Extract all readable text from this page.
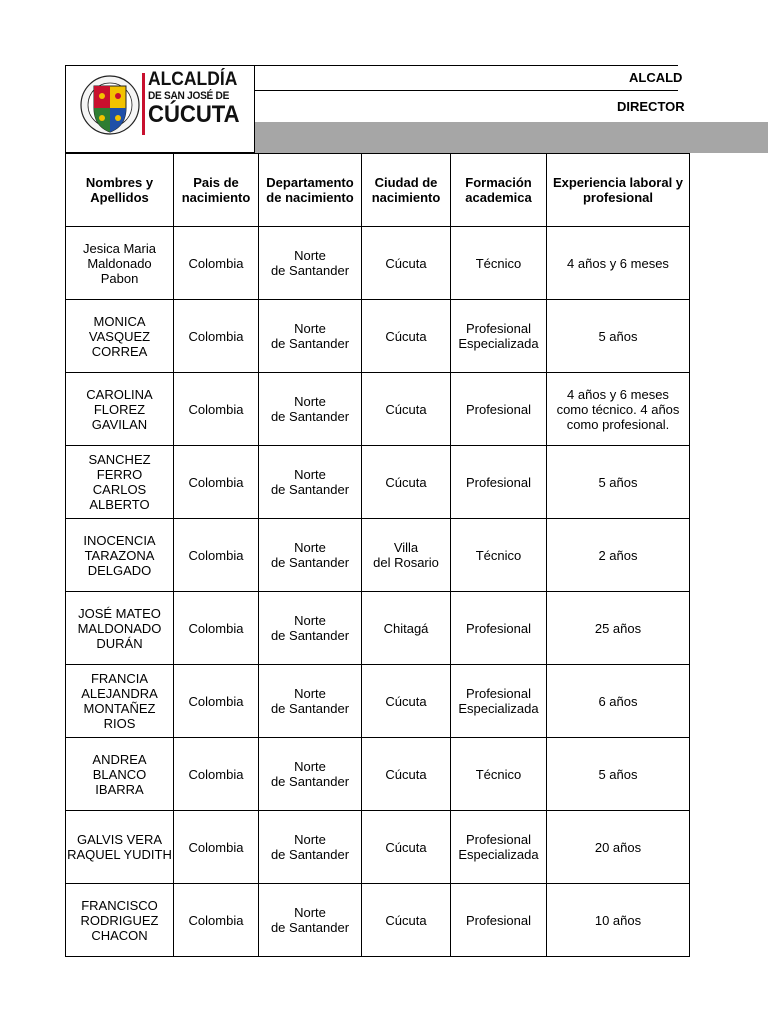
ALCALDÍA
DE SAN JOSÉ DE
CÚCUTA
ALCALD
DIRECTOR
Nombres y
Apellidos	Pais de
nacimiento	Departamento
de nacimiento	Ciudad de
nacimiento	Formación
academica	Experiencia laboral y
profesional
Jesica Maria
Maldonado
Pabon	Colombia	Norte
de Santander	Cúcuta	Técnico	4 años y 6 meses
MONICA
VASQUEZ
CORREA	Colombia	Norte
de Santander	Cúcuta	Profesional
Especializada	5 años
CAROLINA
FLOREZ
GAVILAN	Colombia	Norte
de Santander	Cúcuta	Profesional	4 años y 6 meses
como técnico. 4 años
como profesional.
SANCHEZ FERRO
CARLOS
ALBERTO	Colombia	Norte
de Santander	Cúcuta	Profesional	5 años
INOCENCIA
TARAZONA
DELGADO	Colombia	Norte
de Santander	Villa
del Rosario	Técnico	2 años
JOSÉ MATEO
MALDONADO
DURÁN	Colombia	Norte
de Santander	Chitagá	Profesional	25 años
FRANCIA
ALEJANDRA
MONTAÑEZ
RIOS	Colombia	Norte
de Santander	Cúcuta	Profesional
Especializada	6 años
ANDREA
BLANCO IBARRA	Colombia	Norte
de Santander	Cúcuta	Técnico	5 años
GALVIS VERA
RAQUEL YUDITH	Colombia	Norte
de Santander	Cúcuta	Profesional
Especializada	20 años
FRANCISCO
RODRIGUEZ
CHACON	Colombia	Norte
de Santander	Cúcuta	Profesional	10 años
